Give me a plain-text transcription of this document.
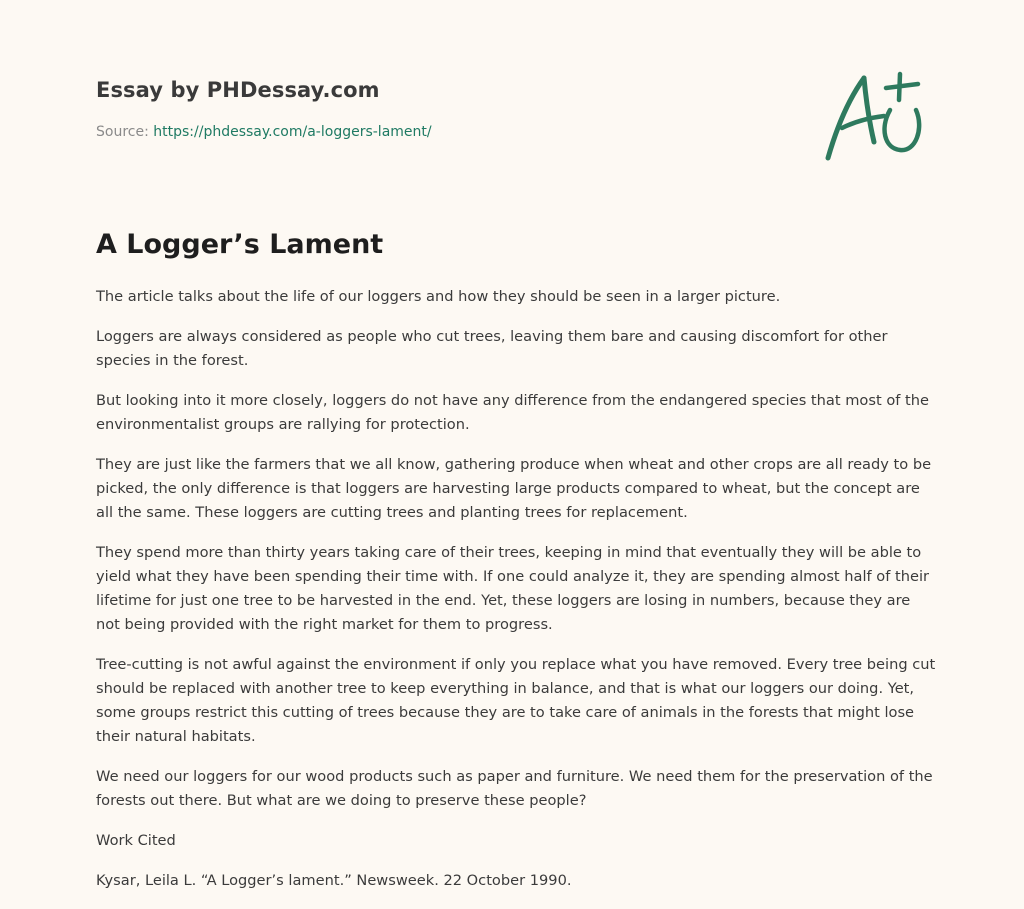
Essay by PHDessay.com
Source: https://phdessay.com/a-loggers-lament/
A Logger’s Lament

The article talks about the life of our loggers and how they should be seen in a larger picture.

Loggers are always considered as people who cut trees, leaving them bare and causing discomfort for other species in the forest.

But looking into it more closely, loggers do not have any difference from the endangered species that most of the environmentalist groups are rallying for protection.

They are just like the farmers that we all know, gathering produce when wheat and other crops are all ready to be picked, the only difference is that loggers are harvesting large products compared to wheat, but the concept are all the same. These loggers are cutting trees and planting trees for replacement.

They spend more than thirty years taking care of their trees, keeping in mind that eventually they will be able to yield what they have been spending their time with. If one could analyze it, they are spending almost half of their lifetime for just one tree to be harvested in the end. Yet, these loggers are losing in numbers, because they are not being provided with the right market for them to progress.

Tree-cutting is not awful against the environment if only you replace what you have removed. Every tree being cut should be replaced with another tree to keep everything in balance, and that is what our loggers our doing. Yet, some groups restrict this cutting of trees because they are to take care of animals in the forests that might lose their natural habitats.

We need our loggers for our wood products such as paper and furniture. We need them for the preservation of the forests out there. But what are we doing to preserve these people?

Work Cited

Kysar, Leila L. “A Logger’s lament.” Newsweek. 22 October 1990.
